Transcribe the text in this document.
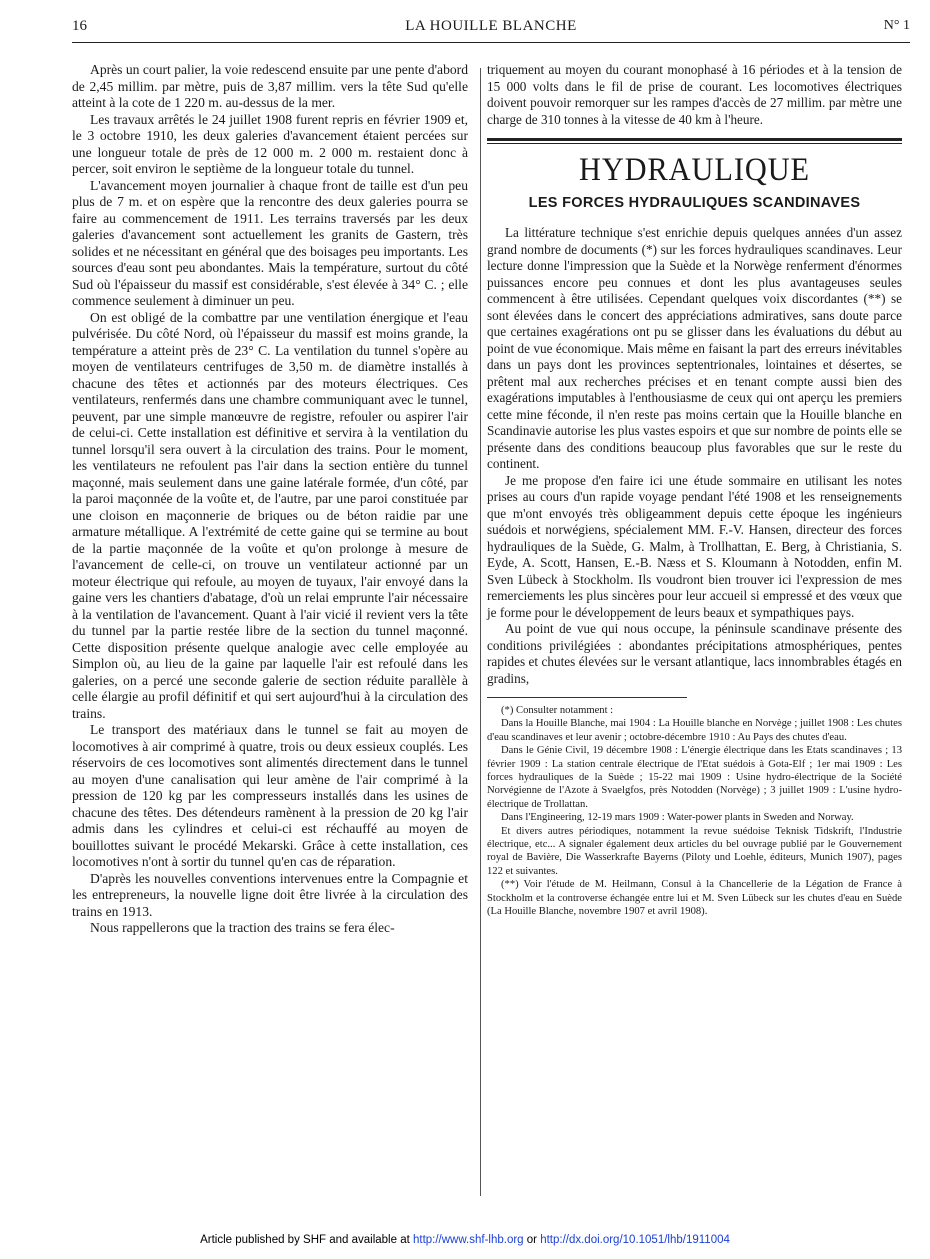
16	LA HOUILLE BLANCHE	N° 1

Après un court palier, la voie redescend ensuite par une pente d'abord de 2,45 millim. par mètre, puis de 3,87 millim. vers la tête Sud qu'elle atteint à la cote de 1 220 m. au-dessus de la mer.

Les travaux arrêtés le 24 juillet 1908 furent repris en février 1909 et, le 3 octobre 1910, les deux galeries d'avancement étaient percées sur une longueur totale de près de 12 000 m. 2 000 m. restaient donc à percer, soit environ le septième de la longueur totale du tunnel.

L'avancement moyen journalier à chaque front de taille est d'un peu plus de 7 m. et on espère que la rencontre des deux galeries pourra se faire au commencement de 1911. Les terrains traversés par les deux galeries d'avancement sont actuellement les granits de Gastern, très solides et ne nécessitant en général que des boisages peu importants. Les sources d'eau sont peu abondantes. Mais la température, surtout du côté Sud où l'épaisseur du massif est considérable, s'est élevée à 34° C. ; elle commence seulement à diminuer un peu.

On est obligé de la combattre par une ventilation énergique et l'eau pulvérisée. Du côté Nord, où l'épaisseur du massif est moins grande, la température a atteint près de 23° C. La ventilation du tunnel s'opère au moyen de ventilateurs centrifuges de 3,50 m. de diamètre installés à chacune des têtes et actionnés par des moteurs électriques. Ces ventilateurs, renfermés dans une chambre communiquant avec le tunnel, peuvent, par une simple manœuvre de registre, refouler ou aspirer l'air de celui-ci. Cette installation est définitive et servira à la ventilation du tunnel lorsqu'il sera ouvert à la circulation des trains. Pour le moment, les ventilateurs ne refoulent pas l'air dans la section entière du tunnel maçonné, mais seulement dans une gaine latérale formée, d'un côté, par la paroi maçonnée de la voûte et, de l'autre, par une paroi constituée par une cloison en maçonnerie de briques ou de béton raidie par une armature métallique. A l'extrémité de cette gaine qui se termine au bout de la partie maçonnée de la voûte et qu'on prolonge à mesure de l'avancement de celle-ci, on trouve un ventilateur actionné par un moteur électrique qui refoule, au moyen de tuyaux, l'air envoyé dans la gaine vers les chantiers d'abatage, d'où un relai emprunte l'air nécessaire à la ventilation de l'avancement. Quant à l'air vicié il revient vers la tête du tunnel par la partie restée libre de la section du tunnel maçonné. Cette disposition présente quelque analogie avec celle employée au Simplon où, au lieu de la gaine par laquelle l'air est refoulé dans les galeries, on a percé une seconde galerie de section réduite parallèle à celle élargie au profil définitif et qui sert aujourd'hui à la circulation des trains.

Le transport des matériaux dans le tunnel se fait au moyen de locomotives à air comprimé à quatre, trois ou deux essieux couplés. Les réservoirs de ces locomotives sont alimentés directement dans le tunnel au moyen d'une canalisation qui leur amène de l'air comprimé à la pression de 120 kg par les compresseurs installés dans les usines de chacune des têtes. Des détendeurs ramènent à la pression de 20 kg l'air admis dans les cylindres et celui-ci est réchauffé au moyen de bouillottes suivant le procédé Mekarski. Grâce à cette installation, ces locomotives n'ont à sortir du tunnel qu'en cas de réparation.

D'après les nouvelles conventions intervenues entre la Compagnie et les entrepreneurs, la nouvelle ligne doit être livrée à la circulation des trains en 1913.

Nous rappellerons que la traction des trains se fera élec-

triquement au moyen du courant monophasé à 16 périodes et à la tension de 15 000 volts dans le fil de prise de courant. Les locomotives électriques doivent pouvoir remorquer sur les rampes d'accès de 27 millim. par mètre une charge de 310 tonnes à la vitesse de 40 km à l'heure.

HYDRAULIQUE
LES FORCES HYDRAULIQUES SCANDINAVES

La littérature technique s'est enrichie depuis quelques années d'un assez grand nombre de documents (*) sur les forces hydrauliques scandinaves. Leur lecture donne l'impression que la Suède et la Norwège renferment d'énormes puissances encore peu connues et dont les plus avantageuses seules commencent à être utilisées. Cependant quelques voix discordantes (**) se sont élevées dans le concert des appréciations admiratives, sans doute parce que certaines exagérations ont pu se glisser dans les évaluations du début au point de vue économique. Mais même en faisant la part des erreurs inévitables dans un pays dont les provinces septentrionales, lointaines et désertes, se prêtent mal aux recherches précises et en tenant compte aussi bien des exagérations imputables à l'enthousiasme de ceux qui ont aperçu les premiers cette mine féconde, il n'en reste pas moins certain que la Houille blanche en Scandinavie autorise les plus vastes espoirs et que sur nombre de points elle se présente dans des conditions beaucoup plus favorables que sur le reste du continent.

Je me propose d'en faire ici une étude sommaire en utilisant les notes prises au cours d'un rapide voyage pendant l'été 1908 et les renseignements que m'ont envoyés très obligeamment depuis cette époque les ingénieurs suédois et norwégiens, spécialement MM. F.-V. Hansen, directeur des forces hydrauliques de la Suède, G. Malm, à Trollhattan, E. Berg, à Christiania, S. Eyde, A. Scott, Hansen, E.-B. Næss et S. Kloumann à Notodden, enfin M. Sven Lübeck à Stockholm. Ils voudront bien trouver ici l'expression de mes remerciements les plus sincères pour leur accueil si empressé et des vœux que je forme pour le développement de leurs beaux et sympathiques pays.

Au point de vue qui nous occupe, la péninsule scandinave présente des conditions privilégiées : abondantes précipitations atmosphériques, pentes rapides et chutes élevées sur le versant atlantique, lacs innombrables étagés en gradins,

(*) Consulter notamment :

Dans la Houille Blanche, mai 1904 : La Houille blanche en Norvège ; juillet 1908 : Les chutes d'eau scandinaves et leur avenir ; octobre-décembre 1910 : Au Pays des chutes d'eau.

Dans le Génie Civil, 19 décembre 1908 : L'énergie électrique dans les Etats scandinaves ; 13 février 1909 : La station centrale électrique de l'Etat suédois à Gota-Elf ; 1er mai 1909 : Les forces hydrauliques de la Suède ; 15-22 mai 1909 : Usine hydro-électrique de la Société Norvégienne de l'Azote à Svaelgfos, près Notodden (Norvège) ; 3 juillet 1909 : L'usine hydro-électrique de Trollattan.

Dans l'Engineering, 12-19 mars 1909 : Water-power plants in Sweden and Norway.

Et divers autres périodiques, notamment la revue suédoise Teknisk Tidskrift, l'Industrie électrique, etc... A signaler également deux articles du bel ouvrage publié par le Gouvernement royal de Bavière, Die Wasserkrafte Bayerns (Piloty und Loehle, éditeurs, Munich 1907), pages 122 et suivantes.

(**) Voir l'étude de M. Heilmann, Consul à la Chancellerie de la Légation de France à Stockholm et la controverse échangée entre lui et M. Sven Lübeck sur les chutes d'eau en Suède (La Houille Blanche, novembre 1907 et avril 1908).

Article published by SHF and available at http://www.shf-lhb.org or http://dx.doi.org/10.1051/lhb/1911004
